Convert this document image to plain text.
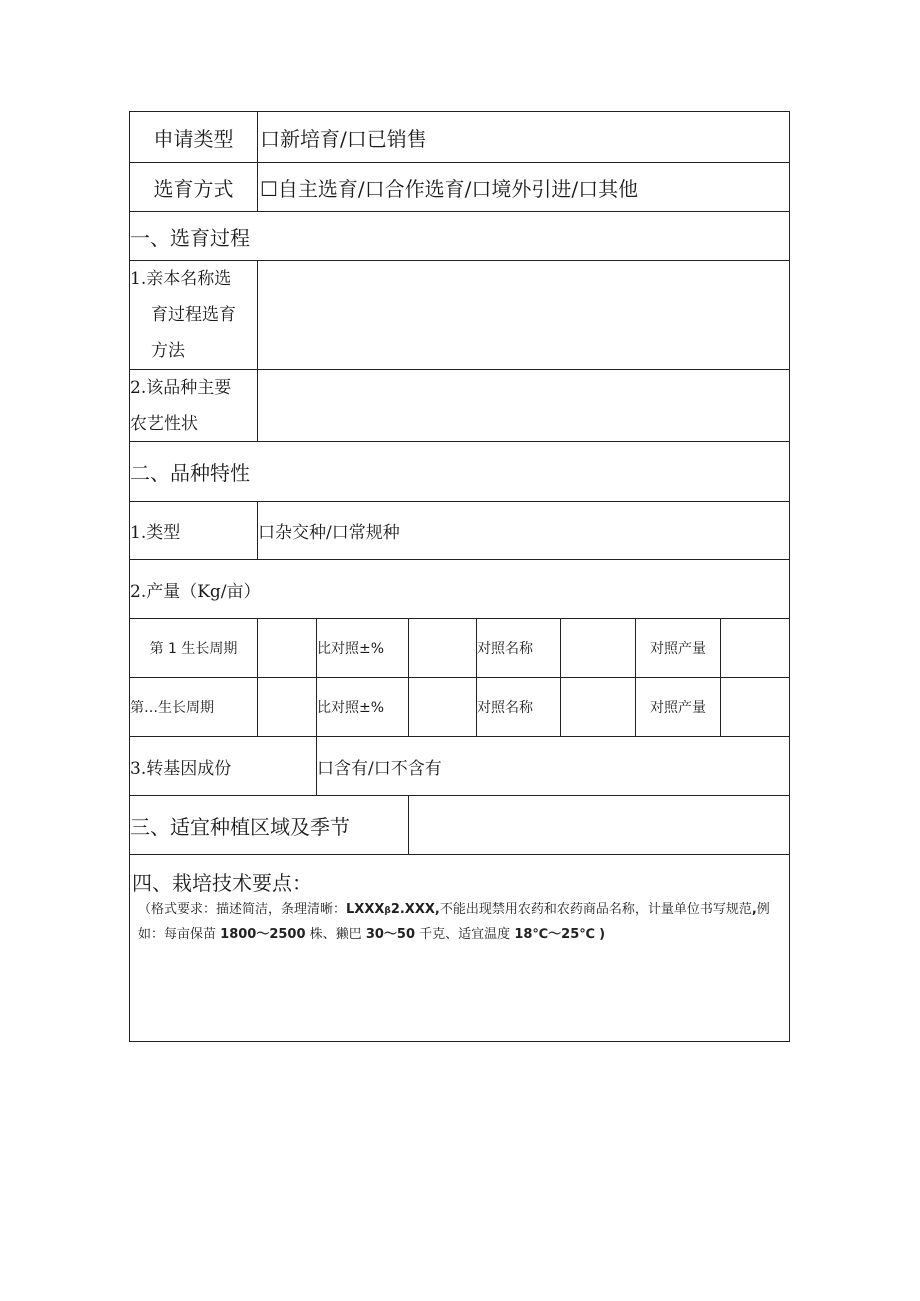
申请类型	口新培育/口已销售
选育方式	☐自主选育/口合作选育/口境外引进/口其他
一、选育过程
1.亲本名称选
育过程选育
方法
2.该品种主要
农艺性状
二、品种特性
1.类型	口杂交种/口常规种
2.产量（Kg/亩）
第 1 生长周期	比对照±%	对照名称	对照产量
第…生长周期	比对照±%	对照名称	对照产量
3.转基因成份	口含有/口不含有
三、适宜种植区域及季节
四、栽培技术要点：
（格式要求：描述简洁，条理清晰：LXXXβ2.XXX,不能出现禁用农药和农药商品名称，计量单位书写规范,例如：每亩保苗 1800〜2500 株、獭巴 30〜50 千克、适宜温度 18℃〜25℃ )
